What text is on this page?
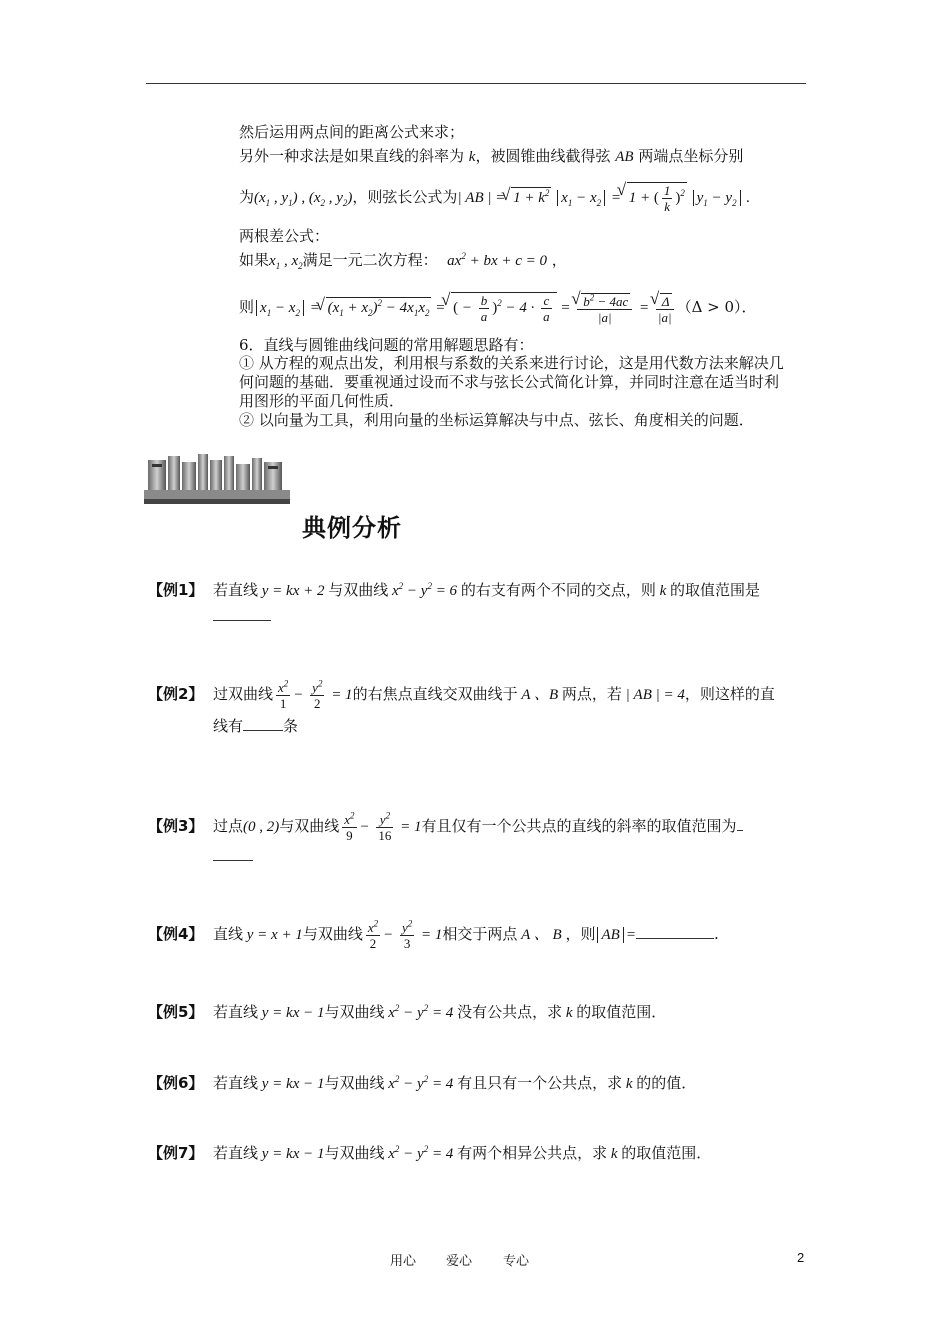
然后运用两点间的距离公式来求；
另外一种求法是如果直线的斜率为 k，被圆锥曲线截得弦 AB 两端点坐标分别
为($x_1$ , $y_1$) , ($x_2$ , $y_2$)，则弦长公式为| AB | = √ $1 + k^2$ $x_1 - x_2$ = √ 1 + ( $\frac{1}{k} )^2$ $y_1 - y_2$ .
两根差公式：
如果$x_1$ , $x_2$满足一元二次方程： $ax^2$ + bx + c = 0 ，
则 $x_1 - x_2$ = √ $(x_1 + x_2)^2 - 4x_1x_2$ = √ ( − $\frac{b}{a} )^2 - 4 \cdot \frac{c}{a}$ = √ $\frac{b^2 - 4ac}{|a|}$ = √ $\frac{\Delta}{|a|} (\Delta > 0)$．
6．直线与圆锥曲线问题的常用解题思路有：
① 从方程的观点出发，利用根与系数的关系来进行讨论，这是用代数方法来解决几
何问题的基础．要重视通过设而不求与弦长公式简化计算，并同时注意在适当时利
用图形的平面几何性质．
② 以向量为工具，利用向量的坐标运算解决与中点、弦长、角度相关的问题．
典例分析
【例1】 若直线 y = kx + 2 与双曲线 $x^2 - y^2 = 6$ 的右支有两个不同的交点，则 k 的取值范围是
【例2】 过双曲线 $\frac{x^2}{1} - \frac{y^2}{2} = 1$的右焦点直线交双曲线于 A 、B 两点，若 | AB | = 4，则这样的直
线有	条
【例3】 过点(0 , 2)与双曲线 $\frac{x^2}{9} - \frac{y^2}{16} = 1$有且仅有一个公共点的直线的斜率的取值范围为
【例4】 直线 y = x + 1与双曲线 $\frac{x^2}{2} - \frac{y^2}{3} = 1$相交于两点 A 、 B ，则 AB =	.
【例5】 若直线 y = kx − 1与双曲线 $x^2 - y^2 = 4$ 没有公共点，求 k 的取值范围．
【例6】 若直线 y = kx − 1与双曲线 $x^2 - y^2 = 4$ 有且只有一个公共点，求 k 的的值．
【例7】 若直线 y = kx − 1与双曲线 $x^2 - y^2 = 4$ 有两个相异公共点，求 k 的取值范围．
用心 爱心 专心	2
